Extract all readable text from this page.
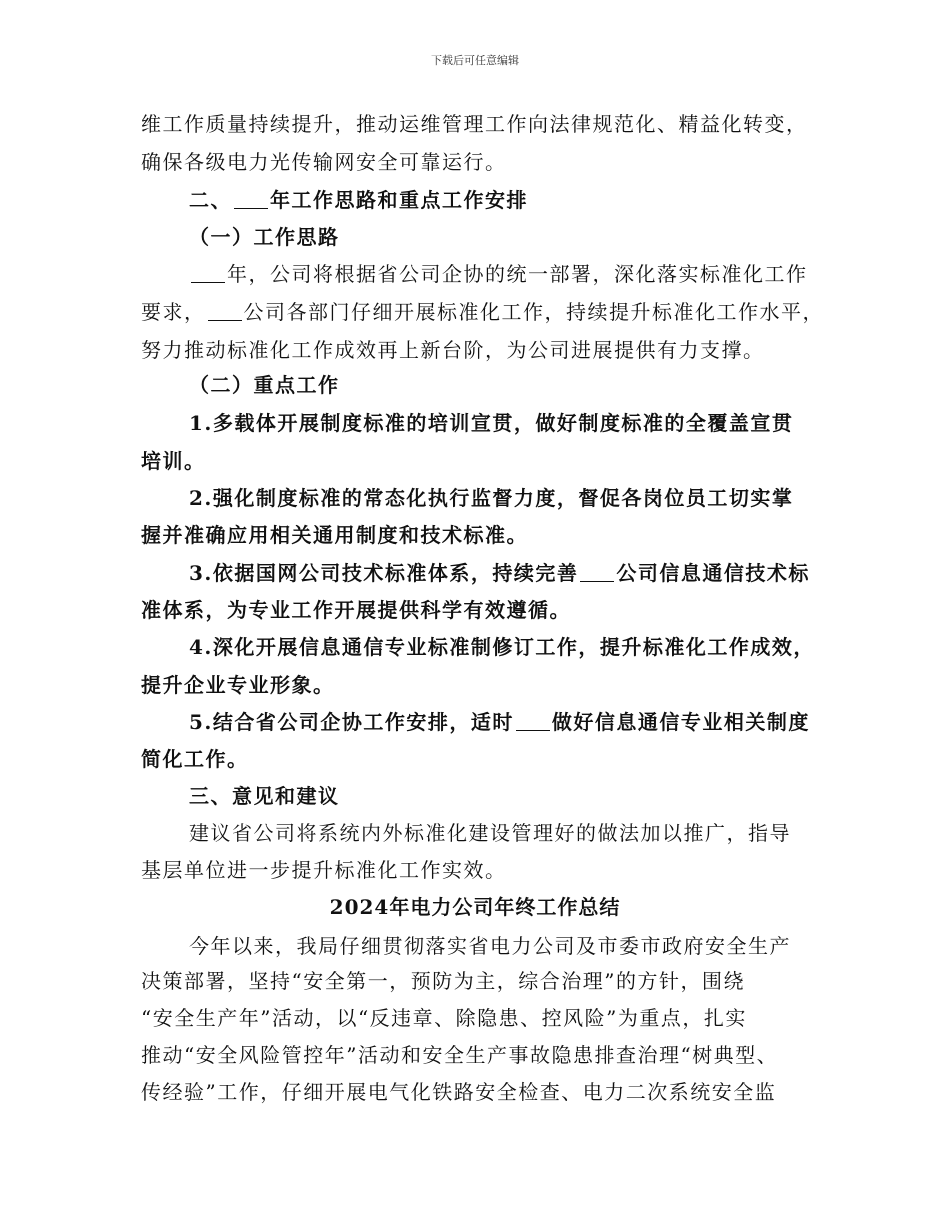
下载后可任意编辑
维工作质量持续提升，推动运维管理工作向法律规范化、精益化转变，
确保各级电力光传输网安全可靠运行。
二、 年工作思路和重点工作安排
（一）工作思路
年，公司将根据省公司企协的统一部署，深化落实标准化工作
要求， 公司各部门仔细开展标准化工作，持续提升标准化工作水平，
努力推动标准化工作成效再上新台阶，为公司进展提供有力支撑。
（二）重点工作
1.多载体开展制度标准的培训宣贯，做好制度标准的全覆盖宣贯
培训。
2.强化制度标准的常态化执行监督力度，督促各岗位员工切实掌
握并准确应用相关通用制度和技术标准。
3.依据国网公司技术标准体系，持续完善 公司信息通信技术标
准体系，为专业工作开展提供科学有效遵循。
4.深化开展信息通信专业标准制修订工作，提升标准化工作成效，
提升企业专业形象。
5.结合省公司企协工作安排，适时 做好信息通信专业相关制度
简化工作。
三、意见和建议
建议省公司将系统内外标准化建设管理好的做法加以推广，指导
基层单位进一步提升标准化工作实效。
2024年电力公司年终工作总结
今年以来，我局仔细贯彻落实省电力公司及市委市政府安全生产
决策部署，坚持“安全第一，预防为主，综合治理”的方针，围绕
“安全生产年”活动，以“反违章、除隐患、控风险”为重点，扎实
推动“安全风险管控年”活动和安全生产事故隐患排查治理“树典型、
传经验”工作，仔细开展电气化铁路安全检查、电力二次系统安全监
